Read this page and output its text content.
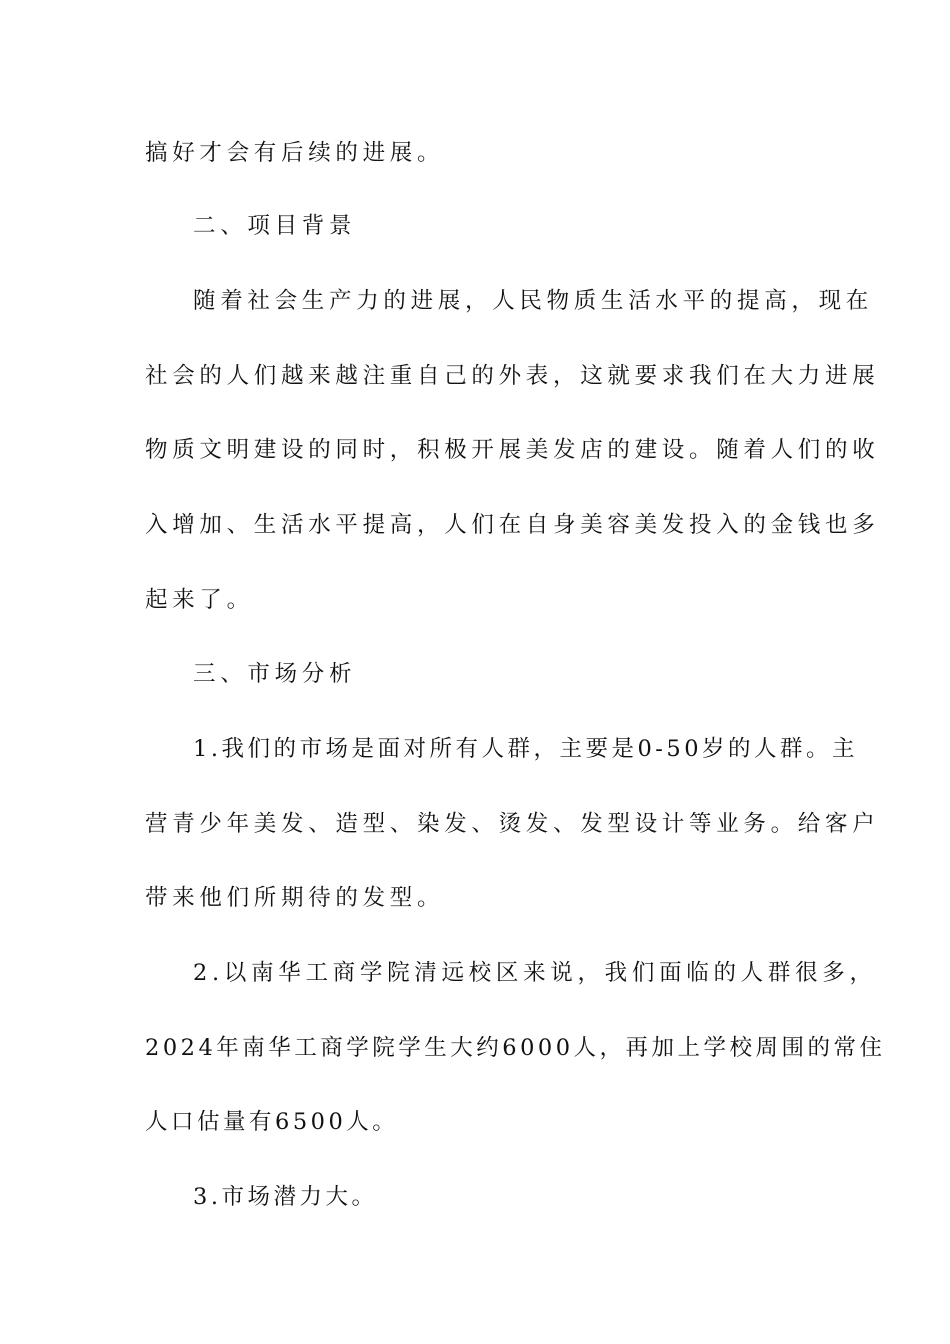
搞好才会有后续的进展。
二、项目背景
随着社会生产力的进展，人民物质生活水平的提高，现在
社会的人们越来越注重自己的外表，这就要求我们在大力进展
物质文明建设的同时，积极开展美发店的建设。随着人们的收
入增加、生活水平提高，人们在自身美容美发投入的金钱也多
起来了。
三、市场分析
1.我们的市场是面对所有人群，主要是0-50岁的人群。主
营青少年美发、造型、染发、烫发、发型设计等业务。给客户
带来他们所期待的发型。
2.以南华工商学院清远校区来说，我们面临的人群很多，
2024年南华工商学院学生大约6000人，再加上学校周围的常住
人口估量有6500人。
3.市场潜力大。
